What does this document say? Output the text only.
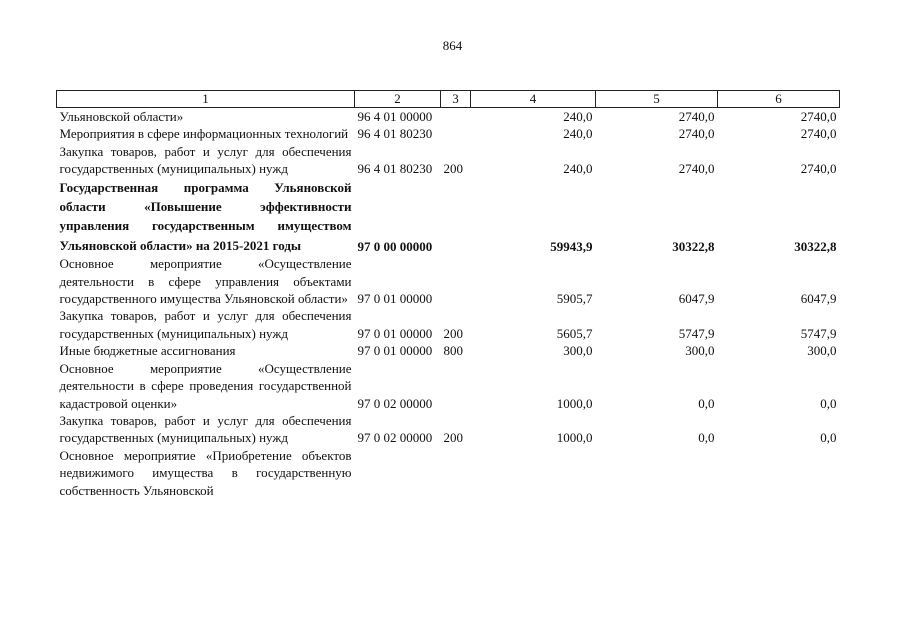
864
1	2	3	4	5	6
Ульяновской области»	96 4 01 00000		240,0	2740,0	2740,0
Мероприятия в сфере информационных технологий	96 4 01 80230		240,0	2740,0	2740,0
Закупка товаров, работ и услуг для обеспечения государственных (муниципальных) нужд	96 4 01 80230	200	240,0	2740,0	2740,0
Государственная программа Ульяновской области «Повышение эффективности управления государственным имуществом Ульяновской области» на 2015-2021 годы	97 0 00 00000		59943,9	30322,8	30322,8
Основное мероприятие «Осуществление деятельности в сфере управления объектами государственного имущества Ульяновской области»	97 0 01 00000		5905,7	6047,9	6047,9
Закупка товаров, работ и услуг для обеспечения государственных (муниципальных) нужд	97 0 01 00000	200	5605,7	5747,9	5747,9
Иные бюджетные ассигнования	97 0 01 00000	800	300,0	300,0	300,0
Основное мероприятие «Осуществление деятельности в сфере проведения государственной кадастровой оценки»	97 0 02 00000		1000,0	0,0	0,0
Закупка товаров, работ и услуг для обеспечения государственных (муниципальных) нужд	97 0 02 00000	200	1000,0	0,0	0,0
Основное мероприятие «Приобретение объектов недвижимого имущества в государственную собственность Ульяновской					
